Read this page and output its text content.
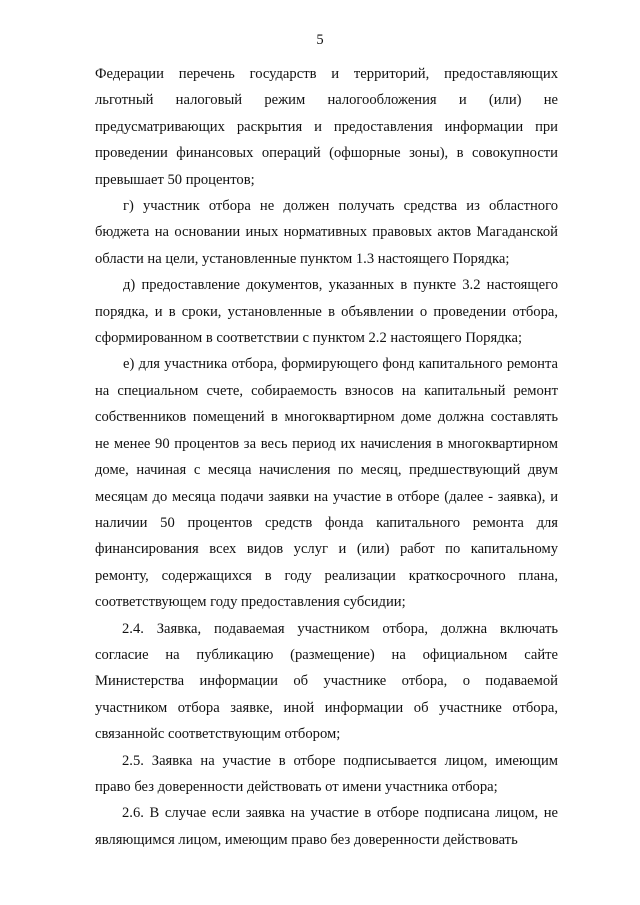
5

Федерации перечень государств и территорий, предоставляющих льготный налоговый режим налогообложения и (или) не предусматривающих раскрытия и предоставления информации при проведении финансовых операций (офшорные зоны), в совокупности превышает 50 процентов;

г) участник отбора не должен получать средства из областного бюджета на основании иных нормативных правовых актов Магаданской области на цели, установленные пунктом 1.3 настоящего Порядка;

д) предоставление документов, указанных в пункте 3.2 настоящего порядка, и в сроки, установленные в объявлении о проведении отбора, сформированном в соответствии с пунктом 2.2 настоящего Порядка;

е) для участника отбора, формирующего фонд капитального ремонта на специальном счете, собираемость взносов на капитальный ремонт собственников помещений в многоквартирном доме должна составлять не менее 90 процентов за весь период их начисления в многоквартирном доме, начиная с месяца начисления по месяц, предшествующий двум месяцам до месяца подачи заявки на участие в отборе (далее - заявка), и наличии 50 процентов средств фонда капитального ремонта для финансирования всех видов услуг и (или) работ по капитальному ремонту, содержащихся в году реализации краткосрочного плана, соответствующем году предоставления субсидии;

2.4. Заявка, подаваемая участником отбора, должна включать согласие на публикацию (размещение) на официальном сайте Министерства информации об участнике отбора, о подаваемой участником отбора заявке, иной информации об участнике отбора, связаннойс соответствующим отбором;

2.5. Заявка на участие в отборе подписывается лицом, имеющим право без доверенности действовать от имени участника отбора;

2.6. В случае если заявка на участие в отборе подписана лицом, не являющимся лицом, имеющим право без доверенности действовать
